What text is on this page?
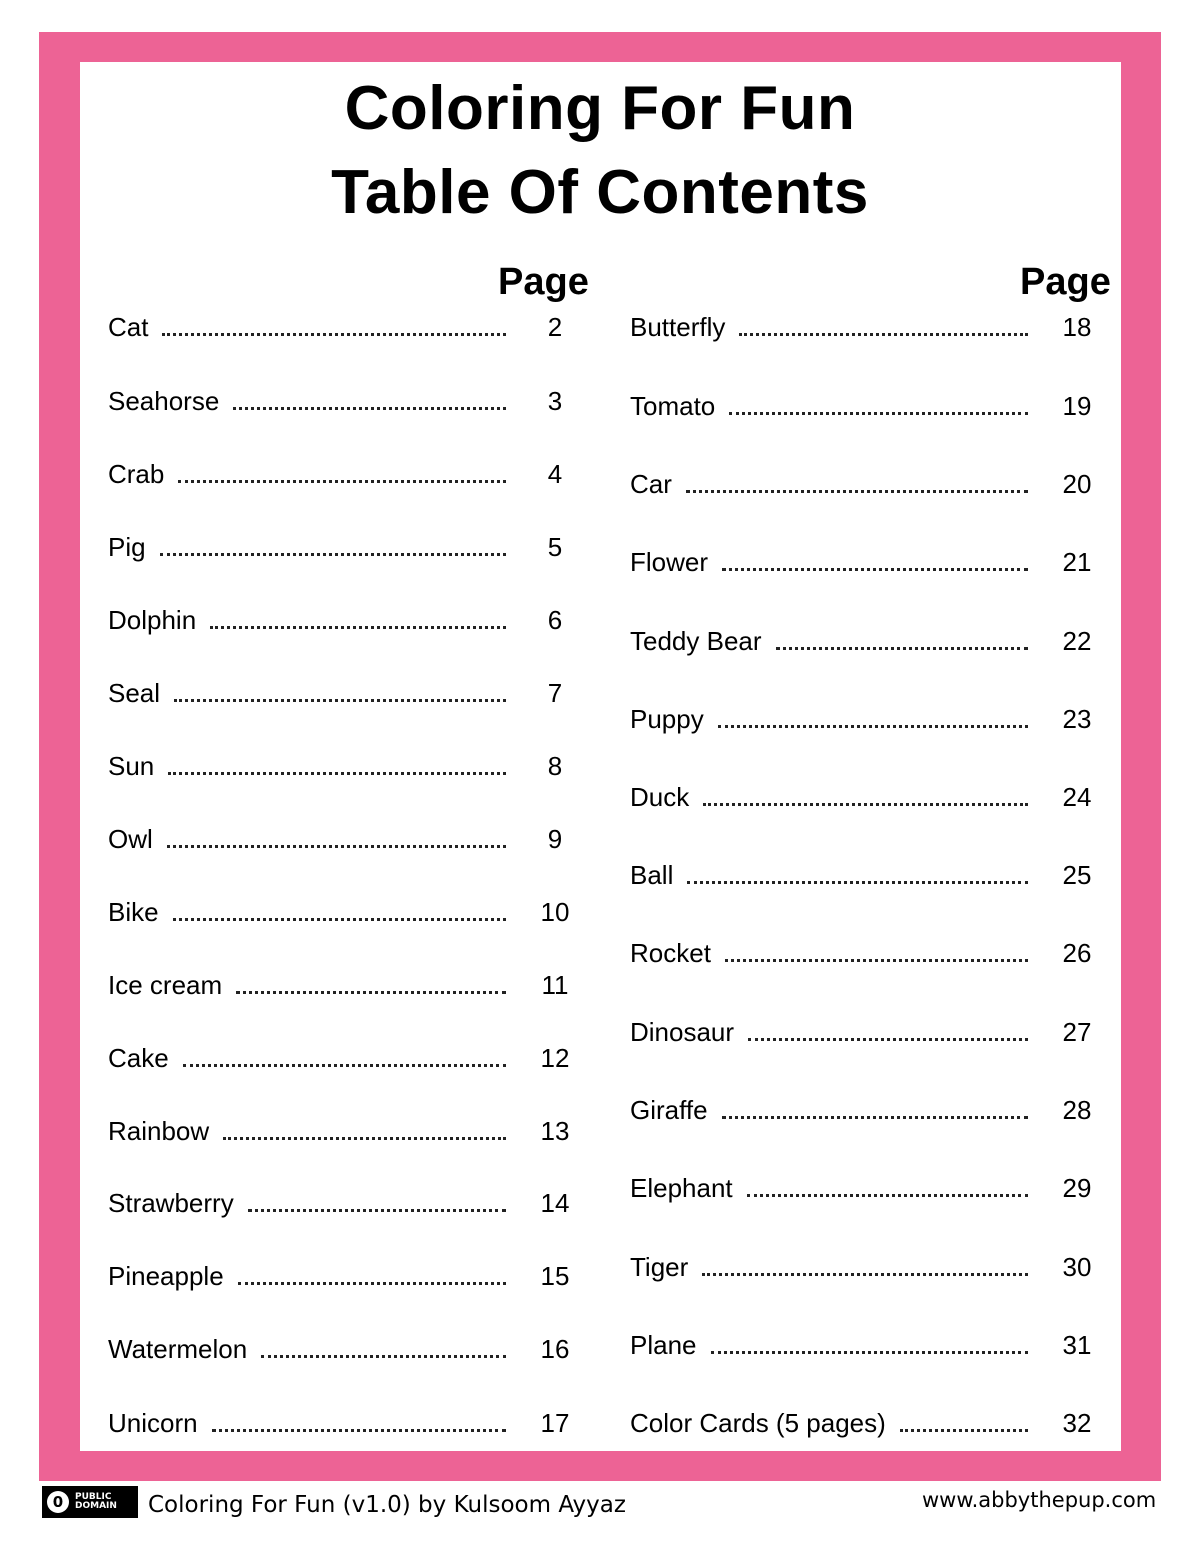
Coloring For Fun
Table Of Contents
Page	Page
Cat	2
Seahorse	3
Crab	4
Pig	5
Dolphin	6
Seal	7
Sun	8
Owl	9
Bike	10
Ice cream	11
Cake	12
Rainbow	13
Strawberry	14
Pineapple	15
Watermelon	16
Unicorn	17
Butterfly	18
Tomato	19
Car	20
Flower	21
Teddy Bear	22
Puppy	23
Duck	24
Ball	25
Rocket	26
Dinosaur	27
Giraffe	28
Elephant	29
Tiger	30
Plane	31
Color Cards (5 pages)	32
0	PUBLIC
DOMAIN Coloring For Fun (v1.0) by Kulsoom Ayyaz	www.abbythepup.com
